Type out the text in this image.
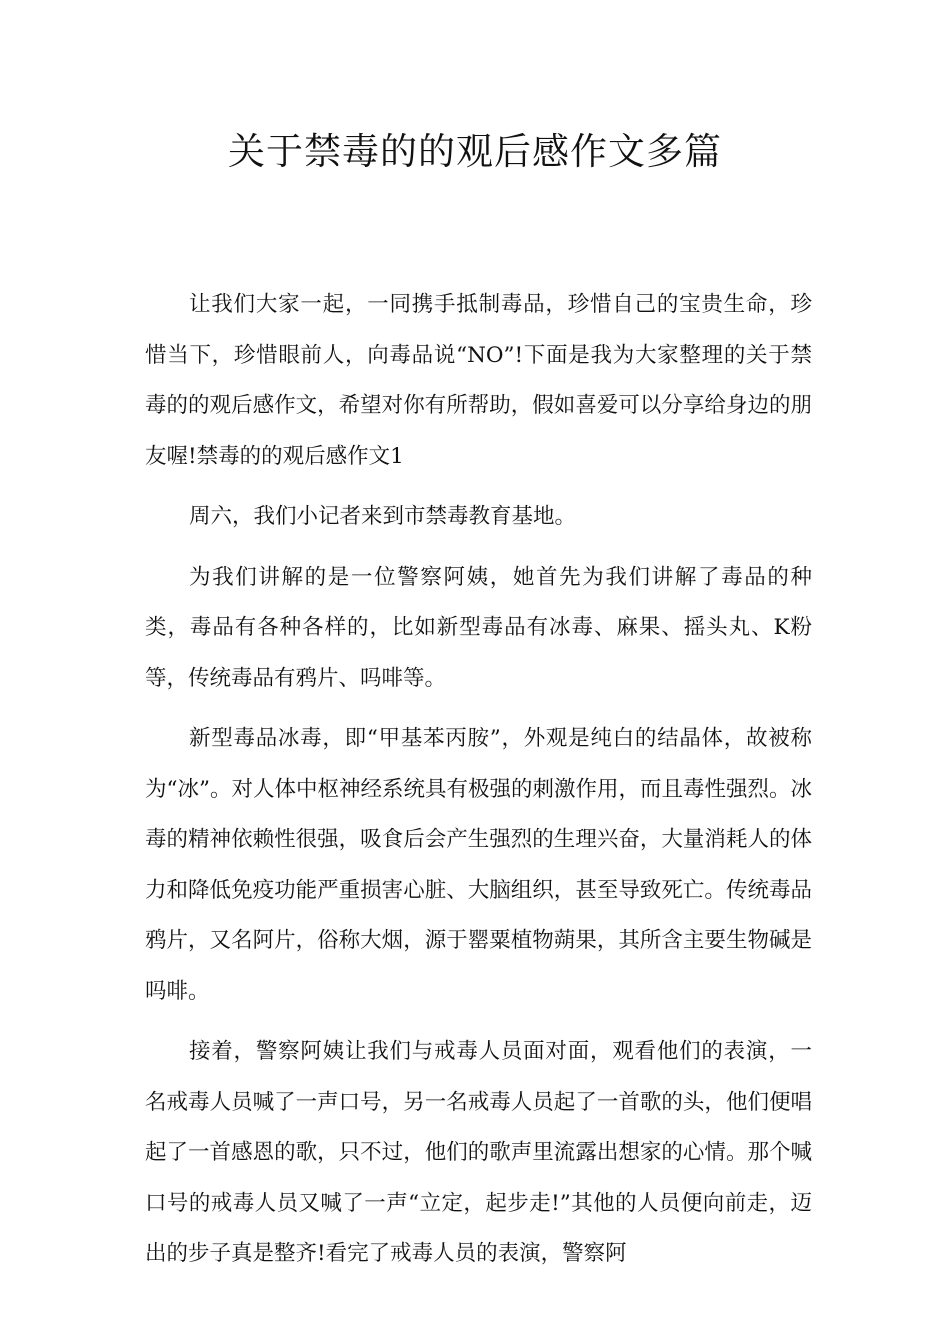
关于禁毒的的观后感作文多篇

让我们大家一起，一同携手抵制毒品，珍惜自己的宝贵生命，珍惜当下，珍惜眼前人，向毒品说“NO”!下面是我为大家整理的关于禁毒的的观后感作文，希望对你有所帮助，假如喜爱可以分享给身边的朋友喔!禁毒的的观后感作文1

周六，我们小记者来到市禁毒教育基地。

为我们讲解的是一位警察阿姨，她首先为我们讲解了毒品的种类，毒品有各种各样的，比如新型毒品有冰毒、麻果、摇头丸、K粉等，传统毒品有鸦片、吗啡等。

新型毒品冰毒，即“甲基苯丙胺”，外观是纯白的结晶体，故被称为“冰”。对人体中枢神经系统具有极强的刺激作用，而且毒性强烈。冰毒的精神依赖性很强，吸食后会产生强烈的生理兴奋，大量消耗人的体力和降低免疫功能严重损害心脏、大脑组织，甚至导致死亡。传统毒品鸦片，又名阿片，俗称大烟，源于罂粟植物蒴果，其所含主要生物碱是吗啡。

接着，警察阿姨让我们与戒毒人员面对面，观看他们的表演，一名戒毒人员喊了一声口号，另一名戒毒人员起了一首歌的头，他们便唱起了一首感恩的歌，只不过，他们的歌声里流露出想家的心情。那个喊口号的戒毒人员又喊了一声“立定，起步走!”其他的人员便向前走，迈出的步子真是整齐!看完了戒毒人员的表演，警察阿
